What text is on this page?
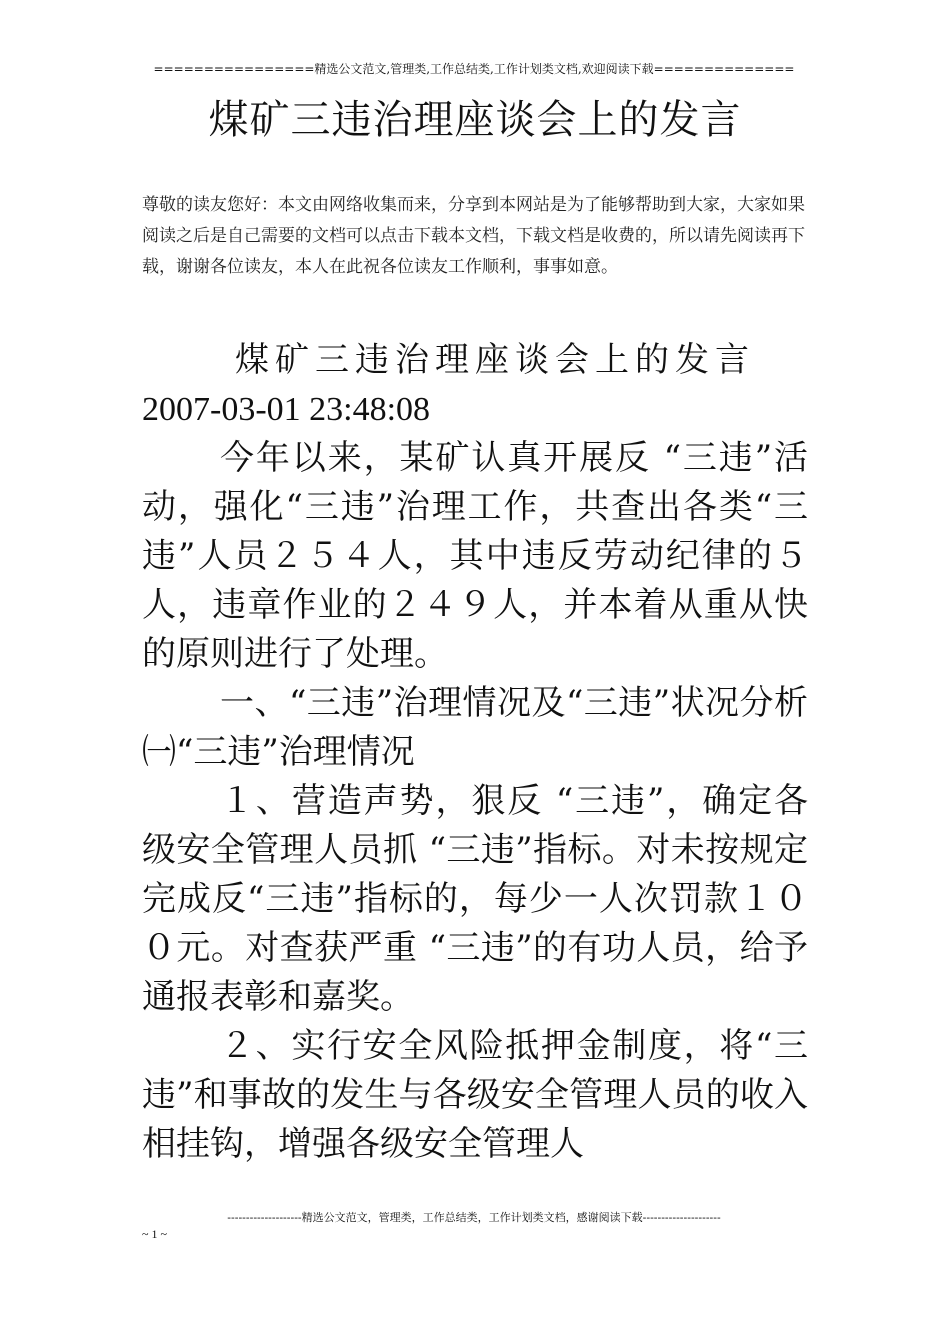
================精选公文范文,管理类,工作总结类,工作计划类文档,欢迎阅读下载==============
煤矿三违治理座谈会上的发言
尊敬的读友您好：本文由网络收集而来，分享到本网站是为了能够帮助到大家，大家如果阅读之后是自己需要的文档可以点击下载本文档，下载文档是收费的，所以请先阅读再下载，谢谢各位读友，本人在此祝各位读友工作顺利，事事如意。

煤矿三违治理座谈会上的发言

2007-03-01 23:48:08

今年以来，某矿认真开展反 “三违”活动，强化“三违”治理工作，共查出各类“三违”人员２５４人，其中违反劳动纪律的５人，违章作业的２４９人，并本着从重从快的原则进行了处理。

一、“三违”治理情况及“三违”状况分析㈠“三违”治理情况

１、营造声势，狠反 “三违”，确定各级安全管理人员抓 “三违”指标。对未按规定完成反“三违”指标的，每少一人次罚款１００元。对查获严重 “三违”的有功人员，给予通报表彰和嘉奖。

２、实行安全风险抵押金制度，将“三违”和事故的发生与各级安全管理人员的收入相挂钩，增强各级安全管理人

--------------------精选公文范文，管理类，工作总结类，工作计划类文档，感谢阅读下载---------------------
~ 1 ~
